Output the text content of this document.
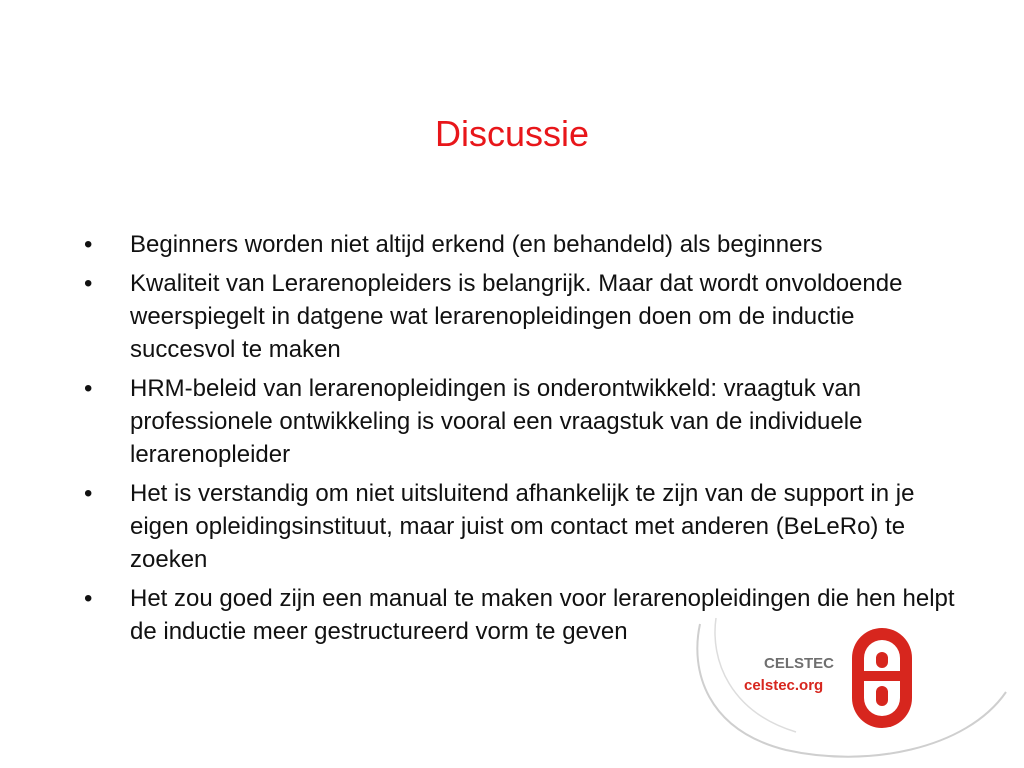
CELSTEC
celstec.org
Discussie
•	Beginners worden niet altijd erkend (en behandeld) als beginners
•	Kwaliteit van Lerarenopleiders is belangrijk. Maar dat wordt onvoldoende weerspiegelt in datgene wat lerarenopleidingen doen om de inductie succesvol te maken
•	HRM-beleid van lerarenopleidingen is onderontwikkeld: vraagtuk van professionele ontwikkeling is vooral een vraagstuk van de individuele lerarenopleider
•	Het is verstandig om niet uitsluitend afhankelijk te zijn van de support in je eigen opleidingsinstituut, maar juist om contact met anderen (BeLeRo) te zoeken
•	Het zou goed zijn een manual te maken voor lerarenopleidingen die hen helpt de inductie meer gestructureerd vorm te geven
